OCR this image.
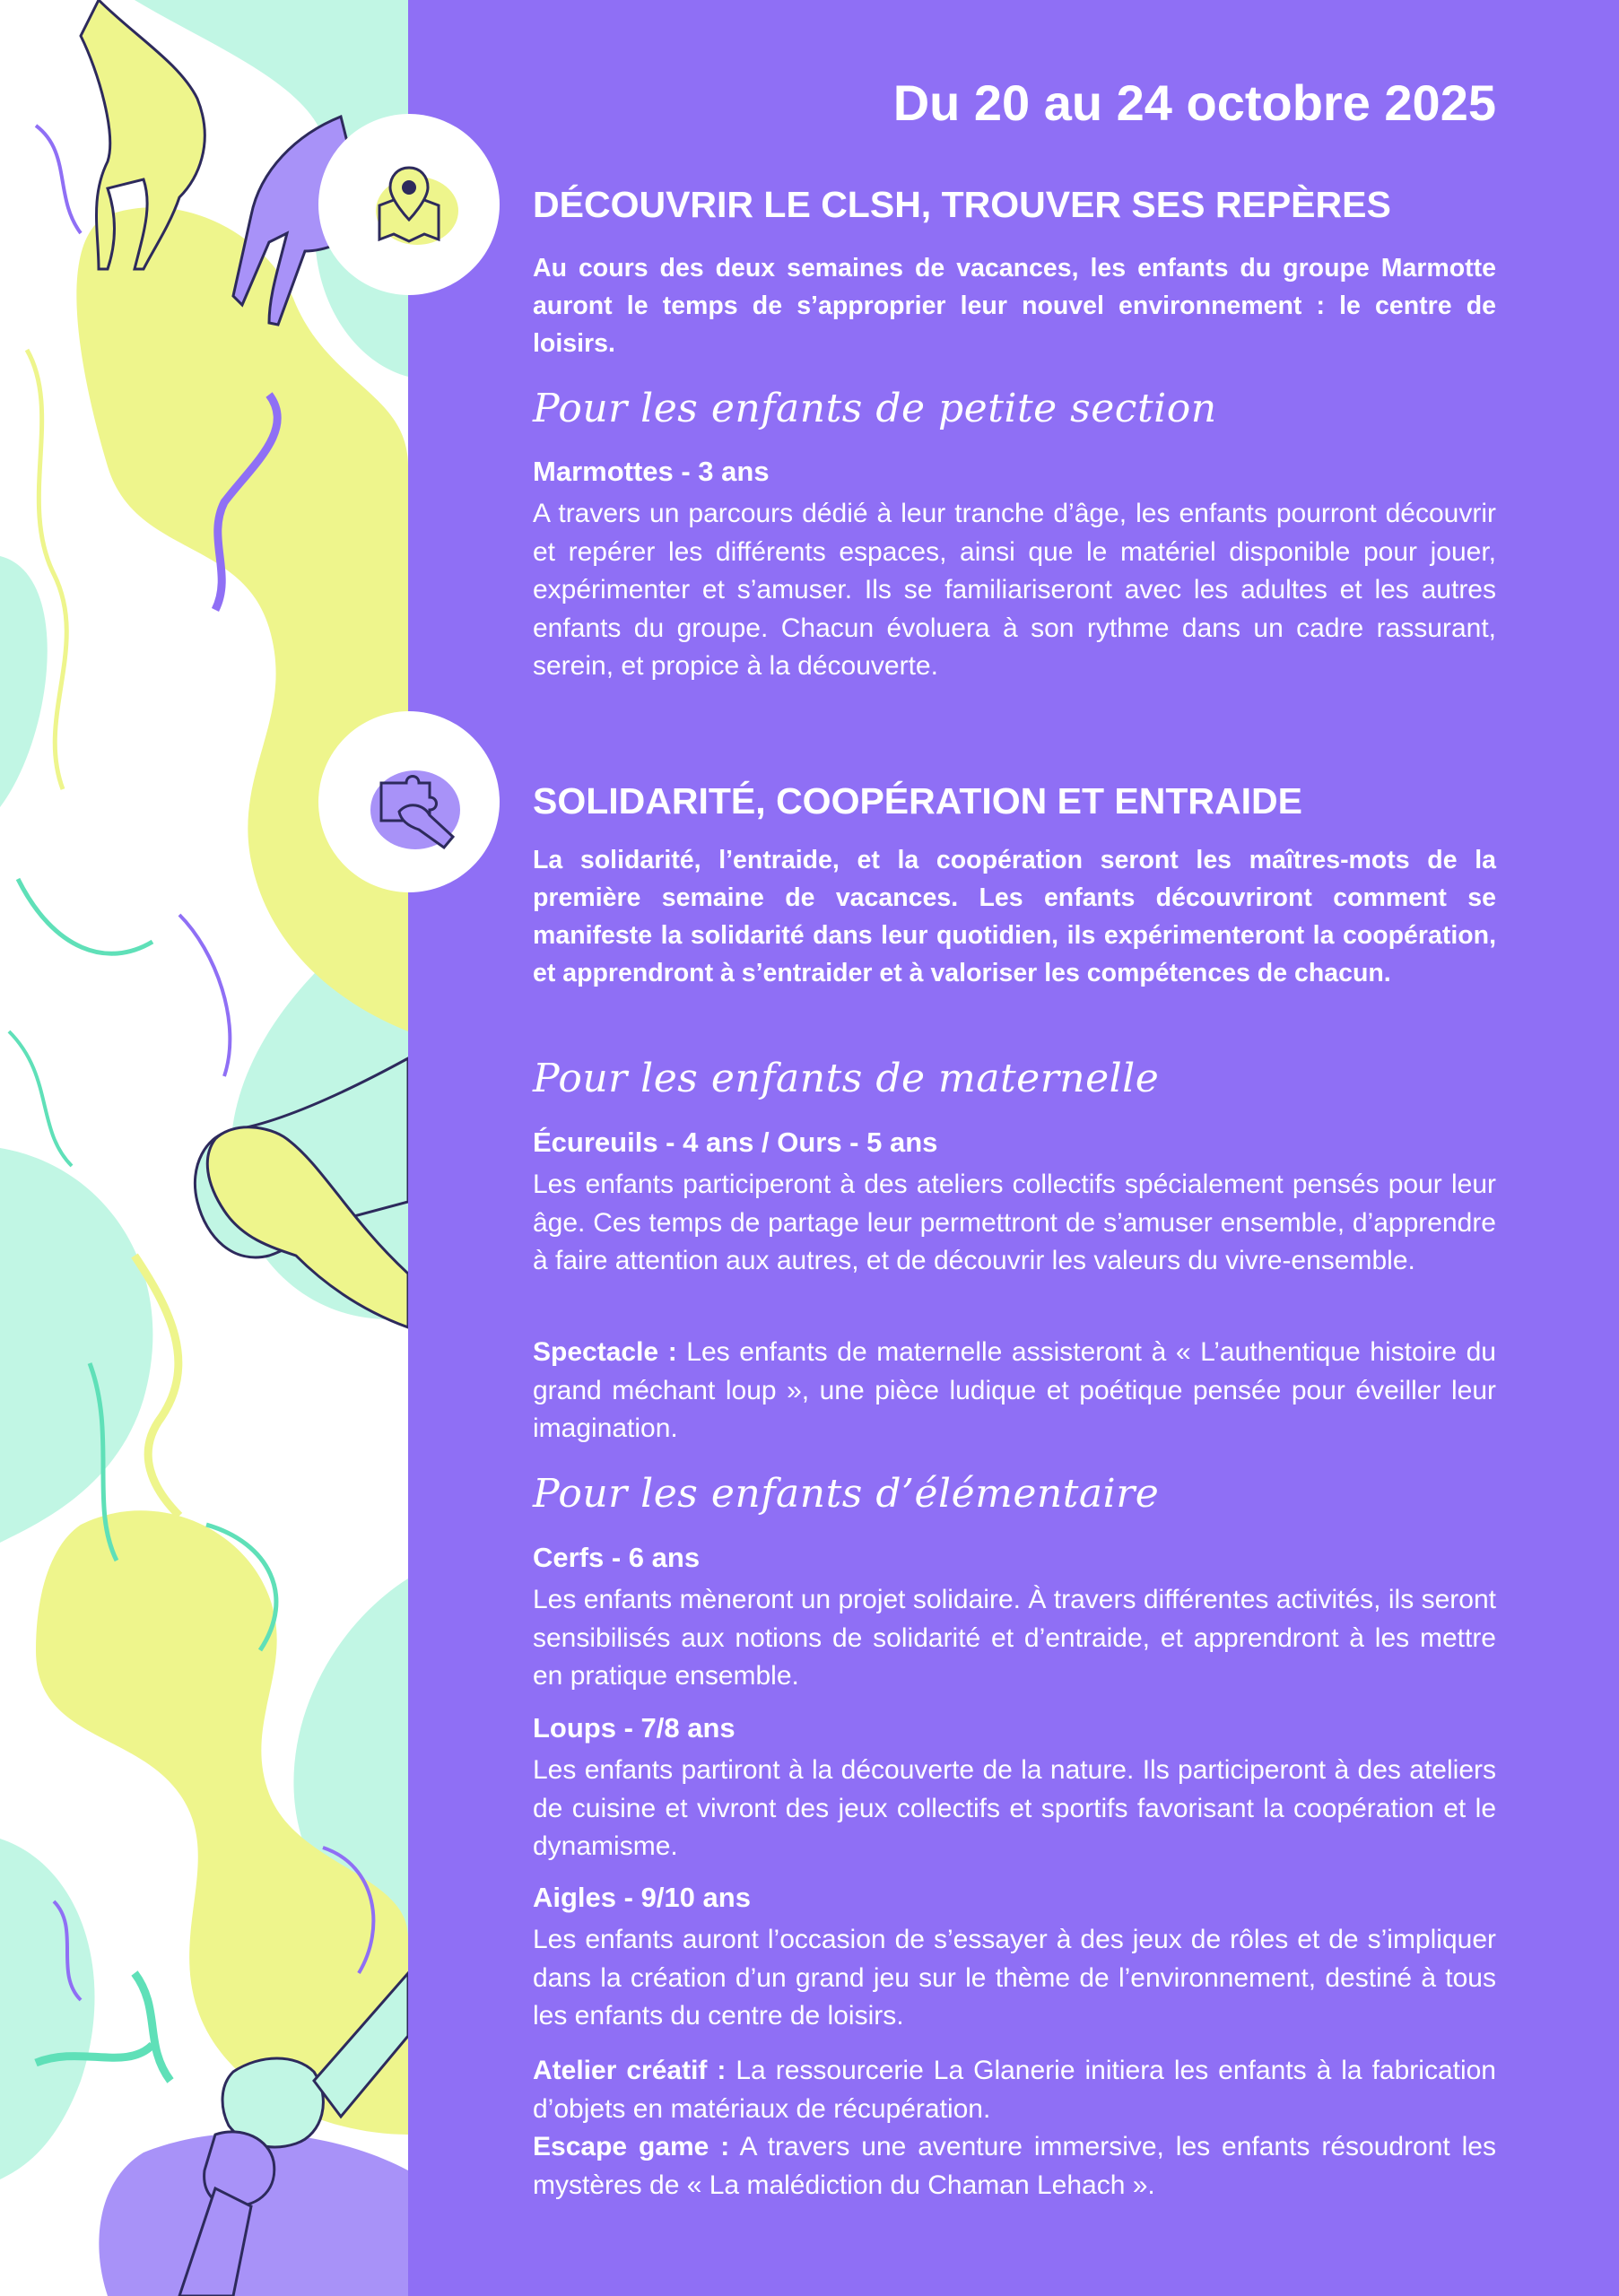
Du 20 au 24 octobre 2025
DÉCOUVRIR LE CLSH, TROUVER SES REPÈRES
Au cours des deux semaines de vacances, les enfants du groupe Marmotte auront le temps de s’approprier leur nouvel environnement : le centre de loisirs.
Pour les enfants de petite section
Marmottes - 3 ans
A travers un parcours dédié à leur tranche d’âge, les enfants pourront découvrir et repérer les différents espaces, ainsi que le matériel disponible pour jouer, expérimenter et s’amuser. Ils se familiariseront avec les adultes et les autres enfants du groupe. Chacun évoluera à son rythme dans un cadre rassurant, serein, et propice à la découverte.
SOLIDARITÉ, COOPÉRATION ET ENTRAIDE
La solidarité, l’entraide, et la coopération seront les maîtres-mots de la première semaine de vacances. Les enfants découvriront comment se manifeste la solidarité dans leur quotidien, ils expérimenteront la coopération, et apprendront à s’entraider et à valoriser les compétences de chacun.
Pour les enfants de maternelle
Écureuils - 4 ans / Ours - 5 ans
Les enfants participeront à des ateliers collectifs spécialement pensés pour leur âge. Ces temps de partage leur permettront de s’amuser ensemble, d’apprendre à faire attention aux autres, et de découvrir les valeurs du vivre-ensemble.
Spectacle : Les enfants de maternelle assisteront à « L’authentique histoire du grand méchant loup », une pièce ludique et poétique pensée pour éveiller leur imagination.
Pour les enfants d’élémentaire
Cerfs - 6 ans
Les enfants mèneront un projet solidaire. À travers différentes activités, ils seront sensibilisés aux notions de solidarité et d’entraide, et apprendront à les mettre en pratique ensemble.
Loups - 7/8 ans
Les enfants partiront à la découverte de la nature. Ils participeront à des ateliers de cuisine et vivront des jeux collectifs et sportifs favorisant la coopération et le dynamisme.
Aigles - 9/10 ans
Les enfants auront l’occasion de s’essayer à des jeux de rôles et de s’impliquer dans la création d’un grand jeu sur le thème de l’environnement, destiné à tous les enfants du centre de loisirs.
Atelier créatif : La ressourcerie La Glanerie initiera les enfants à la fabrication d’objets en matériaux de récupération.
Escape game : A travers une aventure immersive, les enfants résoudront les mystères de « La malédiction du Chaman Lehach ».
